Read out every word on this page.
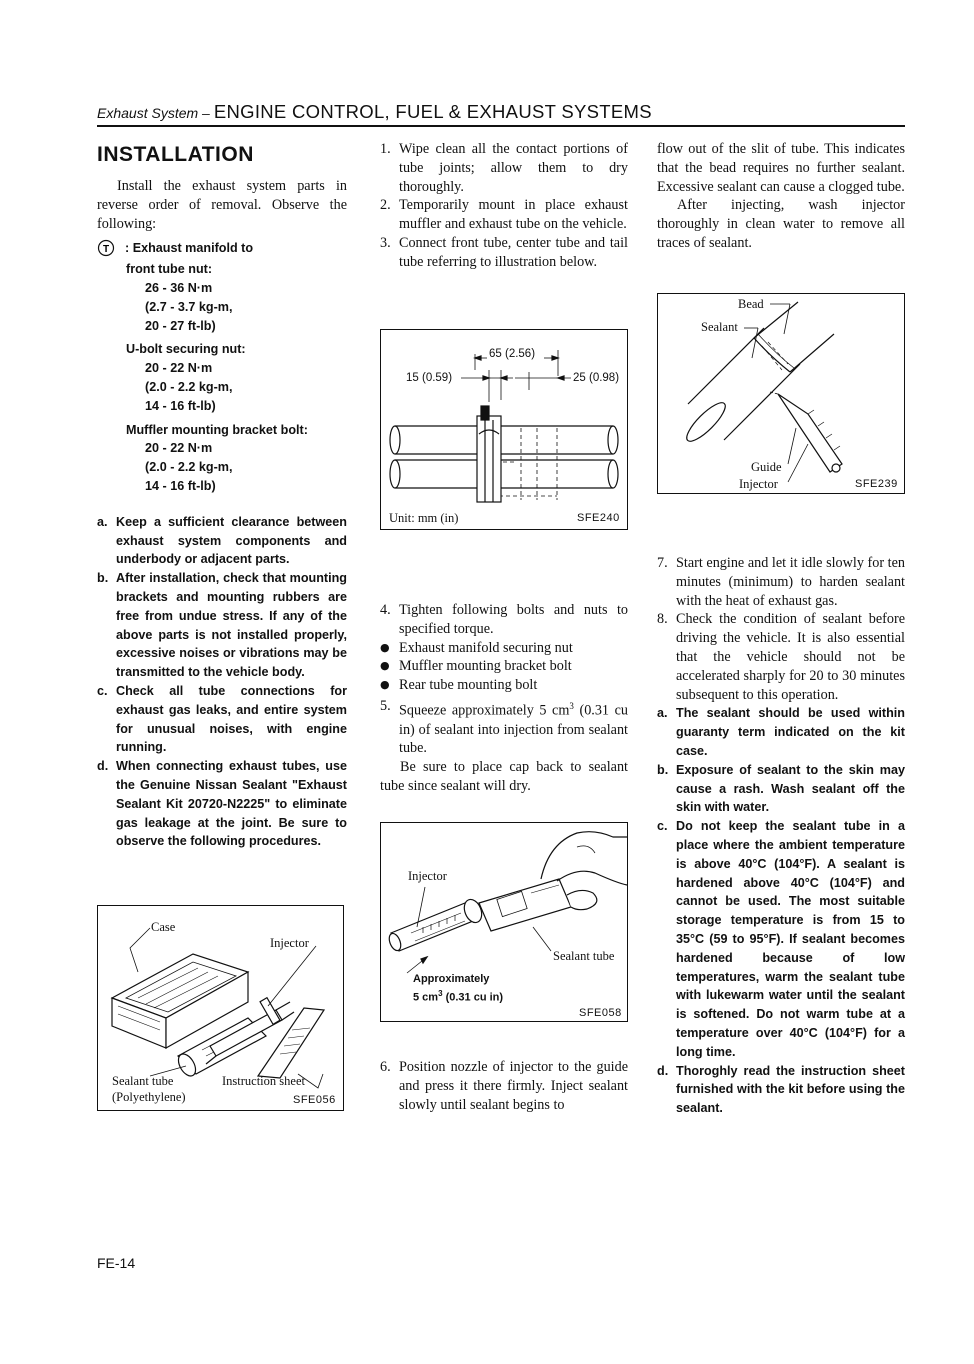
Exhaust System – ENGINE CONTROL, FUEL & EXHAUST SYSTEMS
INSTALLATION

Install the exhaust system parts in reverse order of removal. Observe the following:

T : Exhaust manifold to
front tube nut:
26 - 36 N·m
(2.7 - 3.7 kg-m,
20 - 27 ft-lb)
U-bolt securing nut:
20 - 22 N·m
(2.0 - 2.2 kg-m,
14 - 16 ft-lb)
Muffler mounting bracket bolt:
20 - 22 N·m
(2.0 - 2.2 kg-m,
14 - 16 ft-lb)
a. Keep a sufficient clearance between exhaust system components and underbody or adjacent parts.
b. After installation, check that mounting brackets and mounting rubbers are free from undue stress. If any of the above parts is not installed properly, excessive noises or vibrations may be transmitted to the vehicle body.
c. Check all tube connections for exhaust gas leaks, and entire system for unusual noises, with engine running.
d. When connecting exhaust tubes, use the Genuine Nissan Sealant "Exhaust Sealant Kit 20720-N2225" to eliminate gas leakage at the joint. Be sure to observe the following procedures.
Case
Injector
Sealant tube
(Polyethylene)
Instruction sheet
SFE056
1. Wipe clean all the contact portions of tube joints; allow them to dry thoroughly.
2. Temporarily mount in place exhaust muffler and exhaust tube on the vehicle.
3. Connect front tube, center tube and tail tube referring to illustration below.
65 (2.56)
15 (0.59)	25 (0.98)
Unit: mm (in)	SFE240
4. Tighten following bolts and nuts to specified torque.
● Exhaust manifold securing nut
● Muffler mounting bracket bolt
● Rear tube mounting bolt
5. Squeeze approximately 5 $cm^3$ (0.31 cu in) of sealant into injection from sealant tube.

Be sure to place cap back to sealant tube since sealant will dry.

Injector
Sealant tube
Approximately
5 $cm^3$ (0.31 cu in)
SFE058
6. Position nozzle of injector to the guide and press it there firmly. Inject sealant slowly until sealant begins to

flow out of the slit of tube. This indicates that the bead requires no further sealant. Excessive sealant can cause a clogged tube.

After injecting, wash injector thoroughly in clean water to remove all traces of sealant.

Bead
Sealant
Guide
Injector	SFE239
7. Start engine and let it idle slowly for ten minutes (minimum) to harden sealant with the heat of exhaust gas.
8. Check the condition of sealant before driving the vehicle. It is also essential that the vehicle should not be accelerated sharply for 20 to 30 minutes subsequent to this operation.
a. The sealant should be used within guaranty term indicated on the kit case.
b. Exposure of sealant to the skin may cause a rash. Wash sealant off the skin with water.
c. Do not keep the sealant tube in a place where the ambient temperature is above 40°C (104°F). A sealant is hardened above 40°C (104°F) and cannot be used. The most suitable storage temperature is from 15 to 35°C (59 to 95°F). If sealant becomes hardened because of low temperatures, warm the sealant tube with lukewarm water until the sealant is softened. Do not warm tube at a temperature over 40°C (104°F) for a long time.
d. Thoroghly read the instruction sheet furnished with the kit before using the sealant.
FE-14
